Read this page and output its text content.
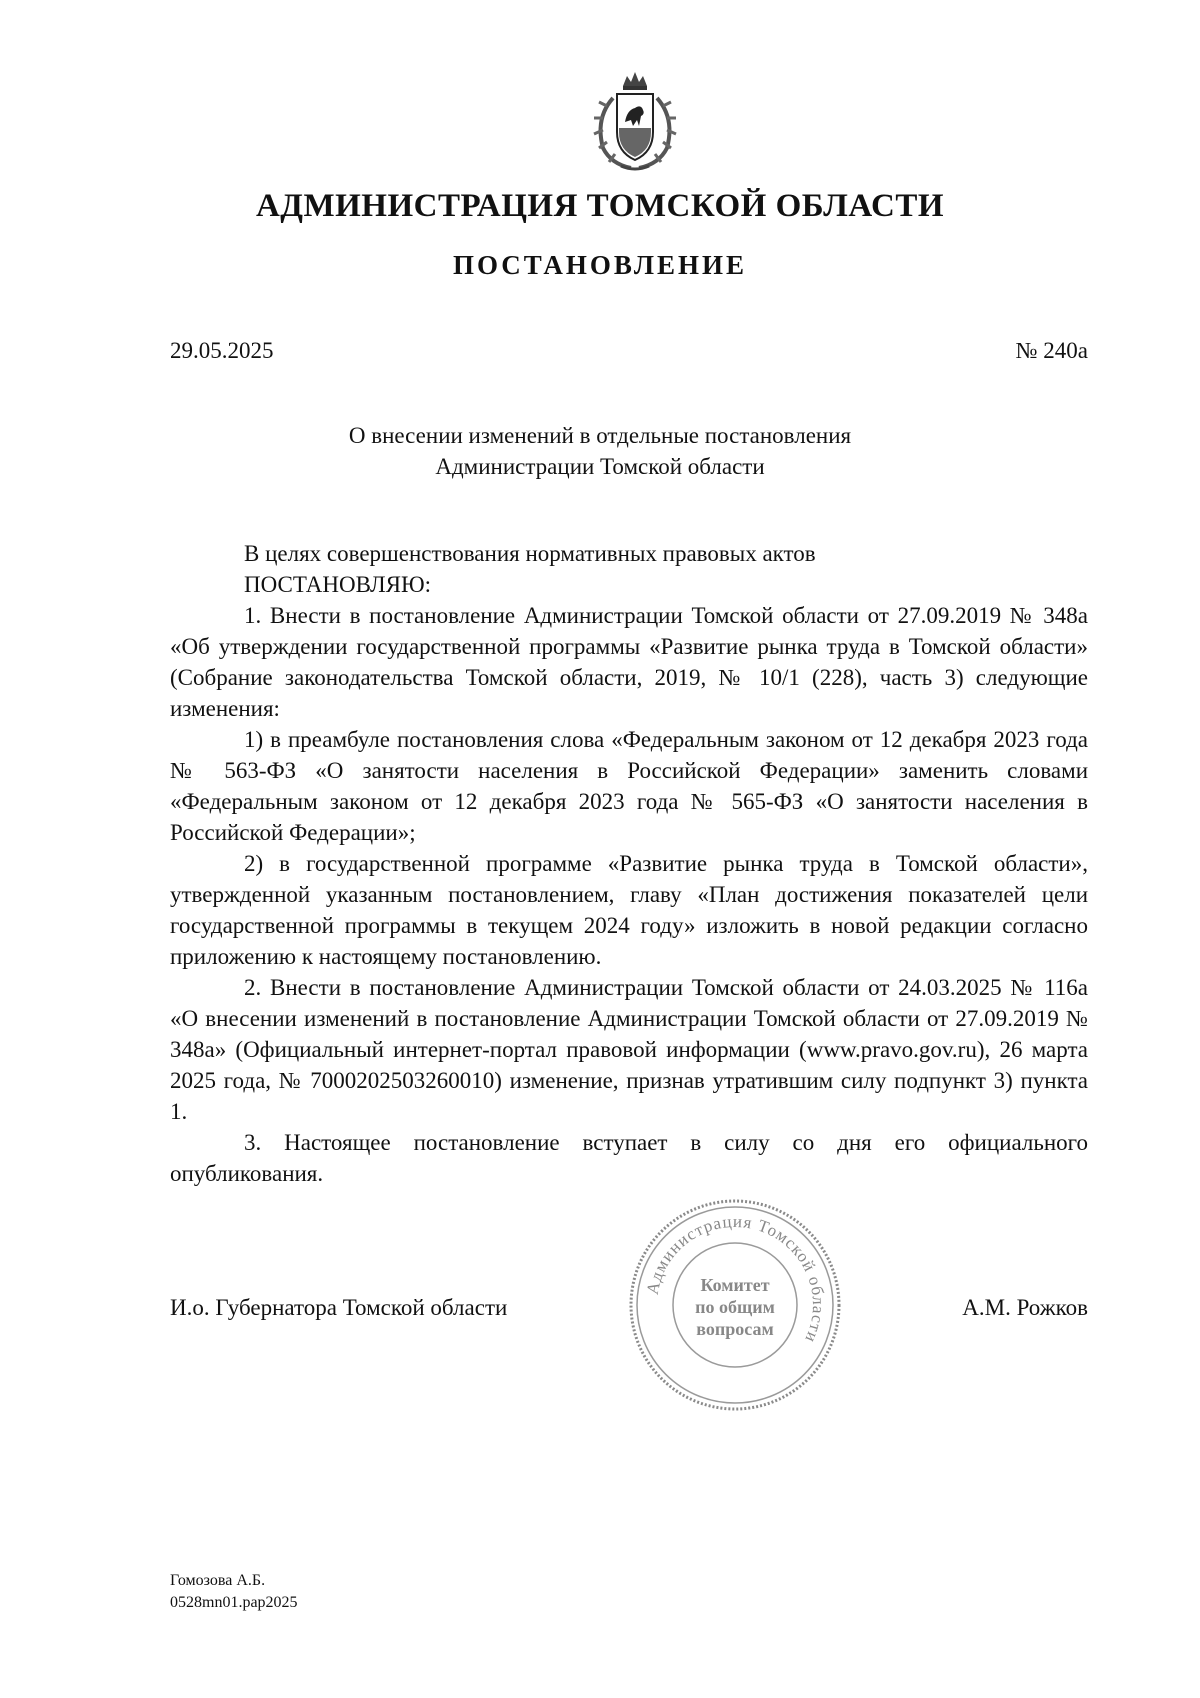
АДМИНИСТРАЦИЯ ТОМСКОЙ ОБЛАСТИ
ПОСТАНОВЛЕНИЕ
29.05.2025	№ 240а
О внесении изменений в отдельные постановления
Администрации Томской области

В целях совершенствования нормативных правовых актов

ПОСТАНОВЛЯЮ:

1. Внести в постановление Администрации Томской области от 27.09.2019 № 348а «Об утверждении государственной программы «Развитие рынка труда в Томской области» (Собрание законодательства Томской области, 2019, № 10/1 (228), часть 3) следующие изменения:

1) в преамбуле постановления слова «Федеральным законом от 12 декабря 2023 года № 563-ФЗ «О занятости населения в Российской Федерации» заменить словами «Федеральным законом от 12 декабря 2023 года № 565-ФЗ «О занятости населения в Российской Федерации»;

2) в государственной программе «Развитие рынка труда в Томской области», утвержденной указанным постановлением, главу «План достижения показателей цели государственной программы в текущем 2024 году» изложить в новой редакции согласно приложению к настоящему постановлению.

2. Внести в постановление Администрации Томской области от 24.03.2025 № 116а «О внесении изменений в постановление Администрации Томской области от 27.09.2019 № 348а» (Официальный интернет-портал правовой информации (www.pravo.gov.ru), 26 марта 2025 года, № 7000202503260010) изменение, признав утратившим силу подпункт 3) пункта 1.

3. Настоящее постановление вступает в силу со дня его официального опубликования.

И.о. Губернатора Томской области	А.М. Рожков
Администрация Томской области
Комитет
по общим
вопросам
Гомозова А.Б.
0528mn01.pap2025
